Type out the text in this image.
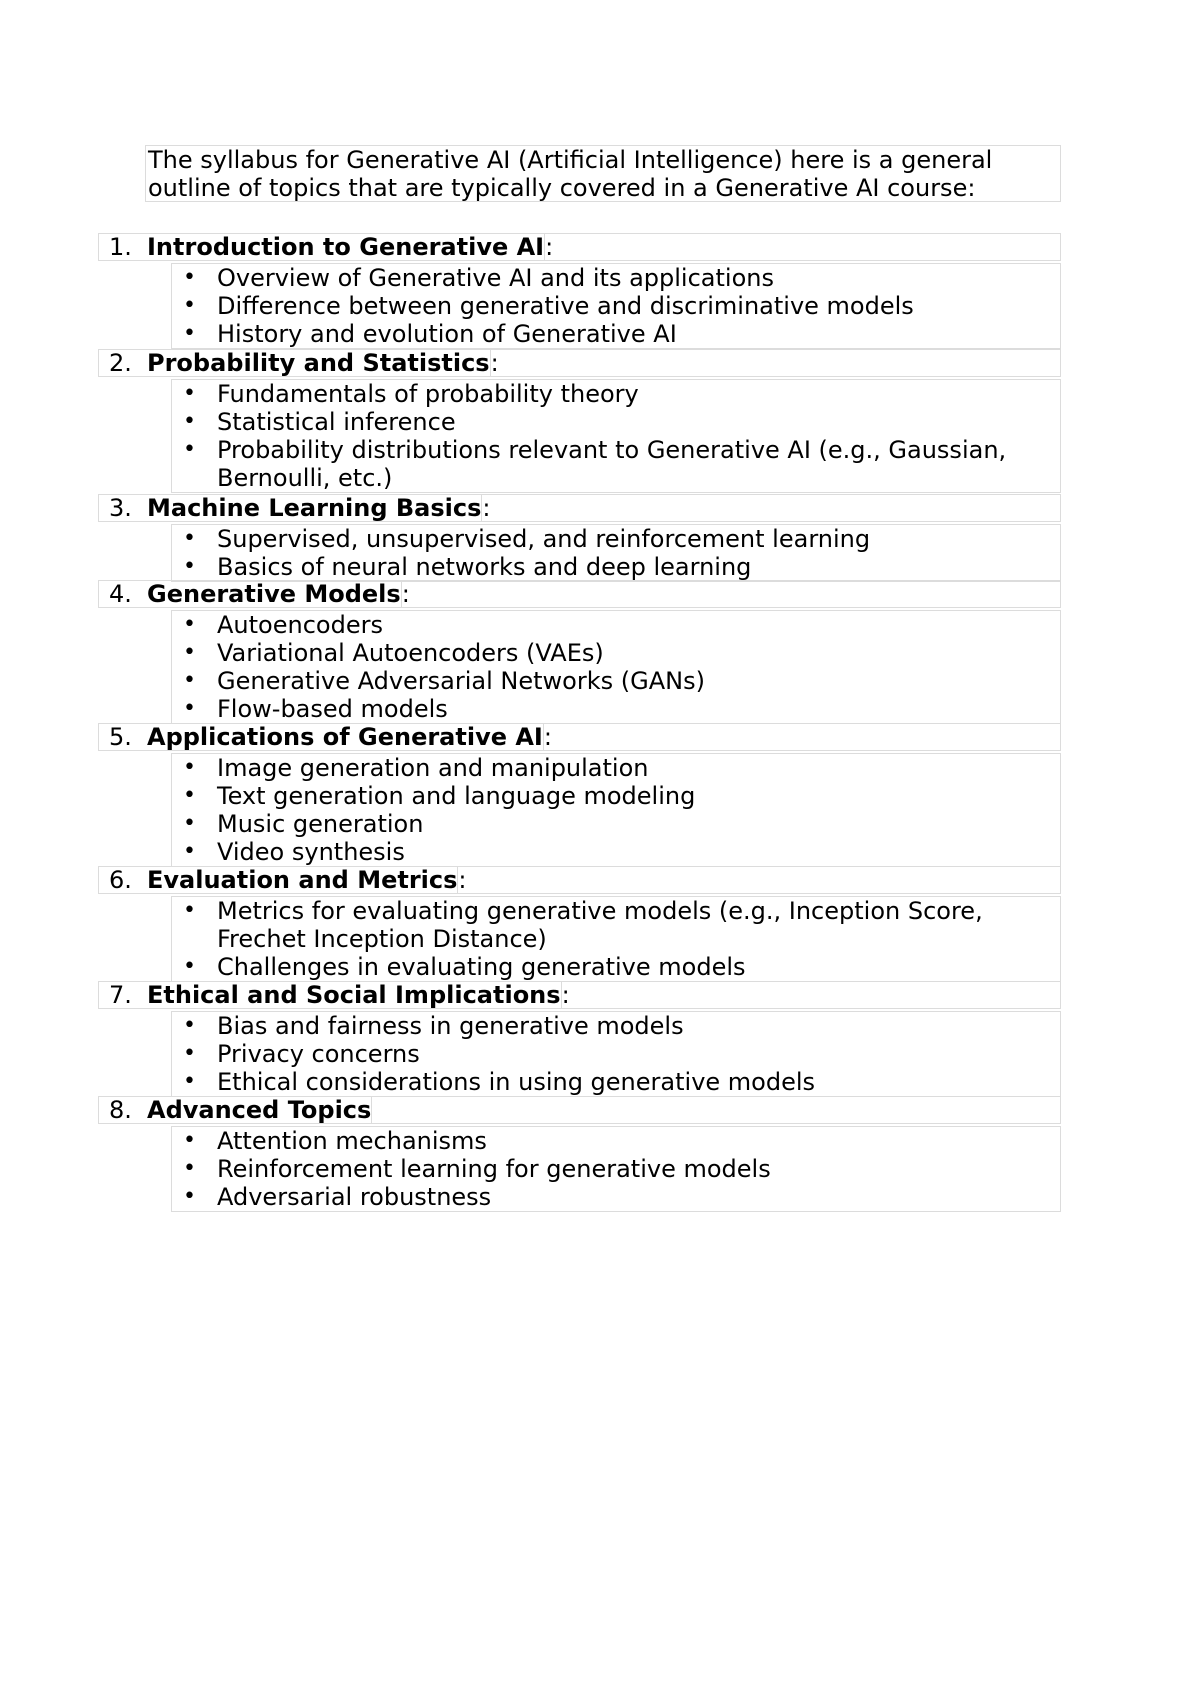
The syllabus for Generative AI (Artificial Intelligence) here is a general
outline of topics that are typically covered in a Generative AI course:
1. Introduction to Generative AI:
• Overview of Generative AI and its applications
• Difference between generative and discriminative models
• History and evolution of Generative AI
2. Probability and Statistics:
• Fundamentals of probability theory
• Statistical inference
• Probability distributions relevant to Generative AI (e.g., Gaussian, Bernoulli, etc.)
3. Machine Learning Basics:
• Supervised, unsupervised, and reinforcement learning
• Basics of neural networks and deep learning
4. Generative Models:
• Autoencoders
• Variational Autoencoders (VAEs)
• Generative Adversarial Networks (GANs)
• Flow-based models
5. Applications of Generative AI:
• Image generation and manipulation
• Text generation and language modeling
• Music generation
• Video synthesis
6. Evaluation and Metrics:
• Metrics for evaluating generative models (e.g., Inception Score, Frechet Inception Distance)
• Challenges in evaluating generative models
7. Ethical and Social Implications:
• Bias and fairness in generative models
• Privacy concerns
• Ethical considerations in using generative models
8. Advanced Topics
• Attention mechanisms
• Reinforcement learning for generative models
• Adversarial robustness
